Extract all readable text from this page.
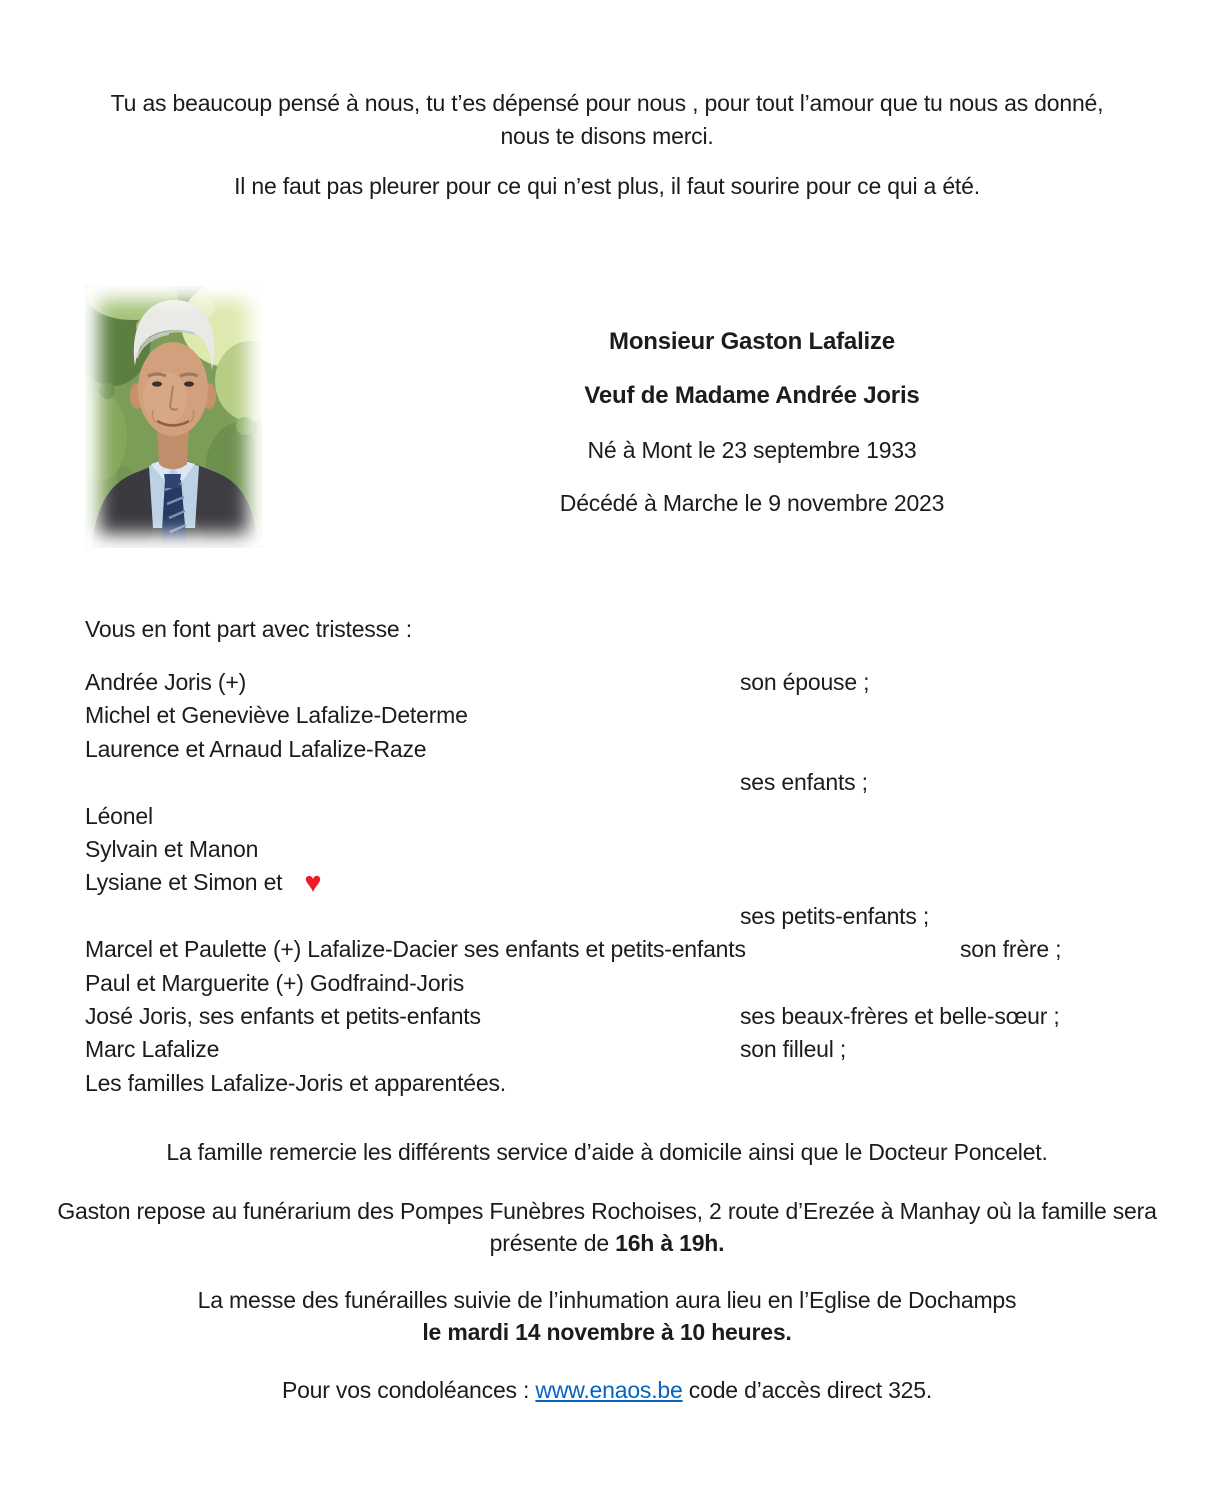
Tu as beaucoup pensé à nous, tu t’es dépensé pour nous , pour tout l’amour que tu nous as donné,
nous te disons merci.
Il ne faut pas pleurer pour ce qui n’est plus, il faut sourire pour ce qui a été.
Monsieur Gaston Lafalize
Veuf de Madame Andrée Joris
Né à Mont le 23 septembre 1933
Décédé à Marche le 9 novembre 2023
Vous en font part avec tristesse :
Andrée Joris (+)	son épouse ;
Michel et Geneviève Lafalize-Determe
Laurence et Arnaud Lafalize-Raze
ses enfants ;
Léonel
Sylvain et Manon
Lysiane et Simon et ♥
ses petits-enfants ;
Marcel et Paulette (+) Lafalize-Dacier ses enfants et petits-enfants	son frère ;
Paul et Marguerite (+) Godfraind-Joris
José Joris, ses enfants et petits-enfants	ses beaux-frères et belle-sœur ;
Marc Lafalize	son filleul ;
Les familles Lafalize-Joris et apparentées.
La famille remercie les différents service d’aide à domicile ainsi que le Docteur Poncelet.
Gaston repose au funérarium des Pompes Funèbres Rochoises, 2 route d’Erezée à Manhay où la famille sera
présente de 16h à 19h.
La messe des funérailles suivie de l’inhumation aura lieu en l’Eglise de Dochamps
le mardi 14 novembre à 10 heures.
Pour vos condoléances : www.enaos.be code d’accès direct 325.
